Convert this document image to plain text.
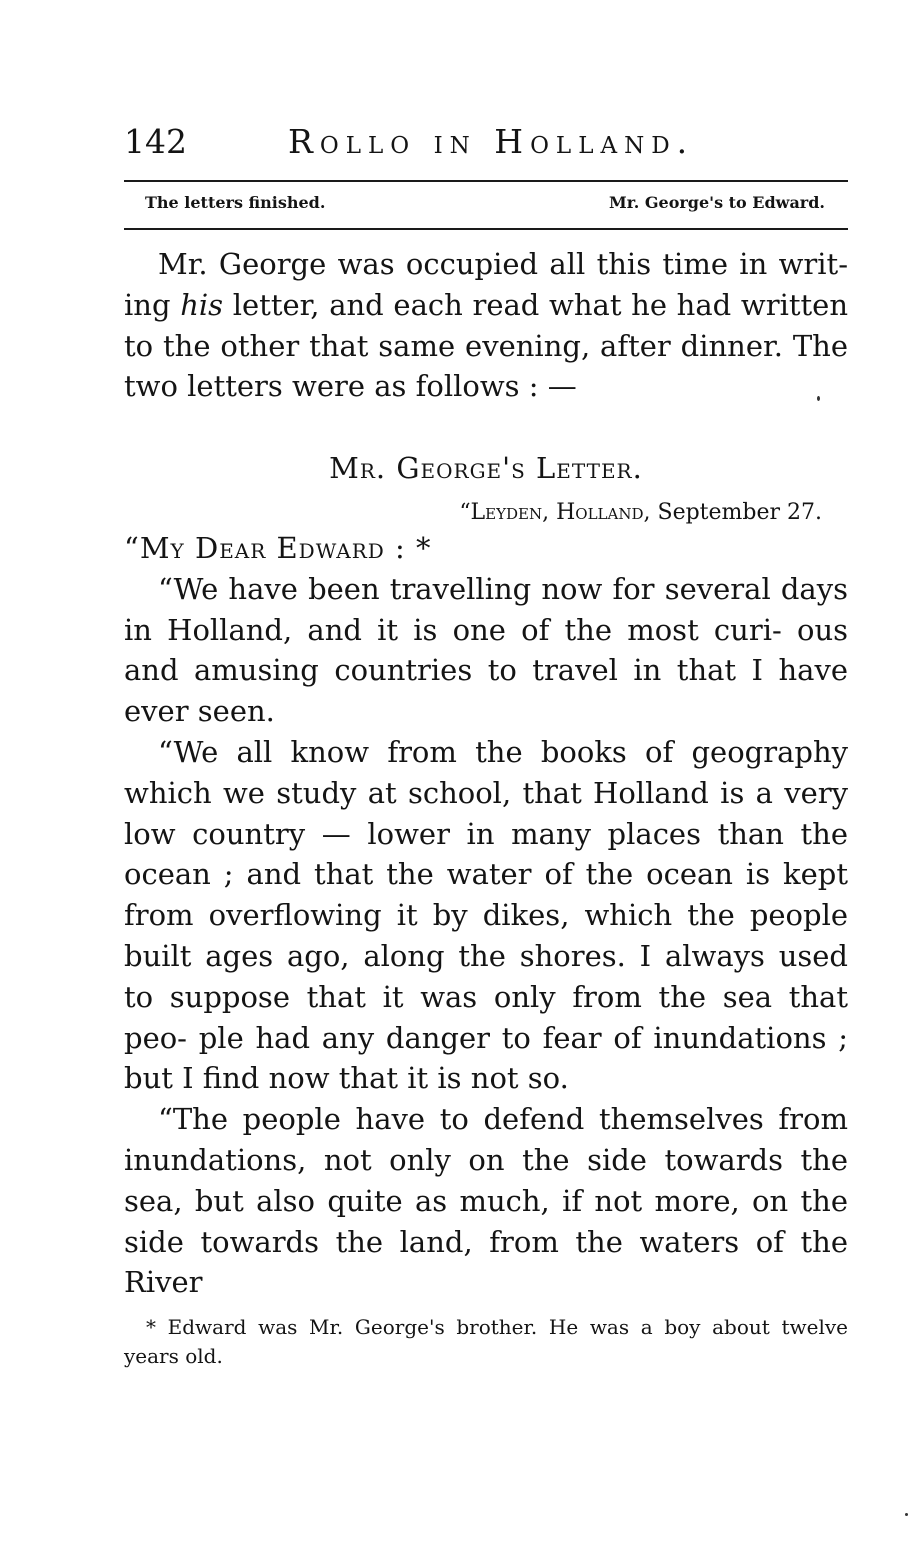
142	Rollo in Holland.
The letters finished.	Mr. George's to Edward.

Mr. George was occupied all this time in writ- ing his letter, and each read what he had written to the other that same evening, after dinner. The two letters were as follows : —

Mr. George's Letter.
“Leyden, Holland, September 27.

“My Dear Edward : *

“We have been travelling now for several days in Holland, and it is one of the most curi- ous and amusing countries to travel in that I have ever seen.

“We all know from the books of geography which we study at school, that Holland is a very low country — lower in many places than the ocean ; and that the water of the ocean is kept from overflowing it by dikes, which the people built ages ago, along the shores. I always used to suppose that it was only from the sea that peo- ple had any danger to fear of inundations ; but I find now that it is not so.

“The people have to defend themselves from inundations, not only on the side towards the sea, but also quite as much, if not more, on the side towards the land, from the waters of the River

* Edward was Mr. George's brother. He was a boy about twelve years old.
